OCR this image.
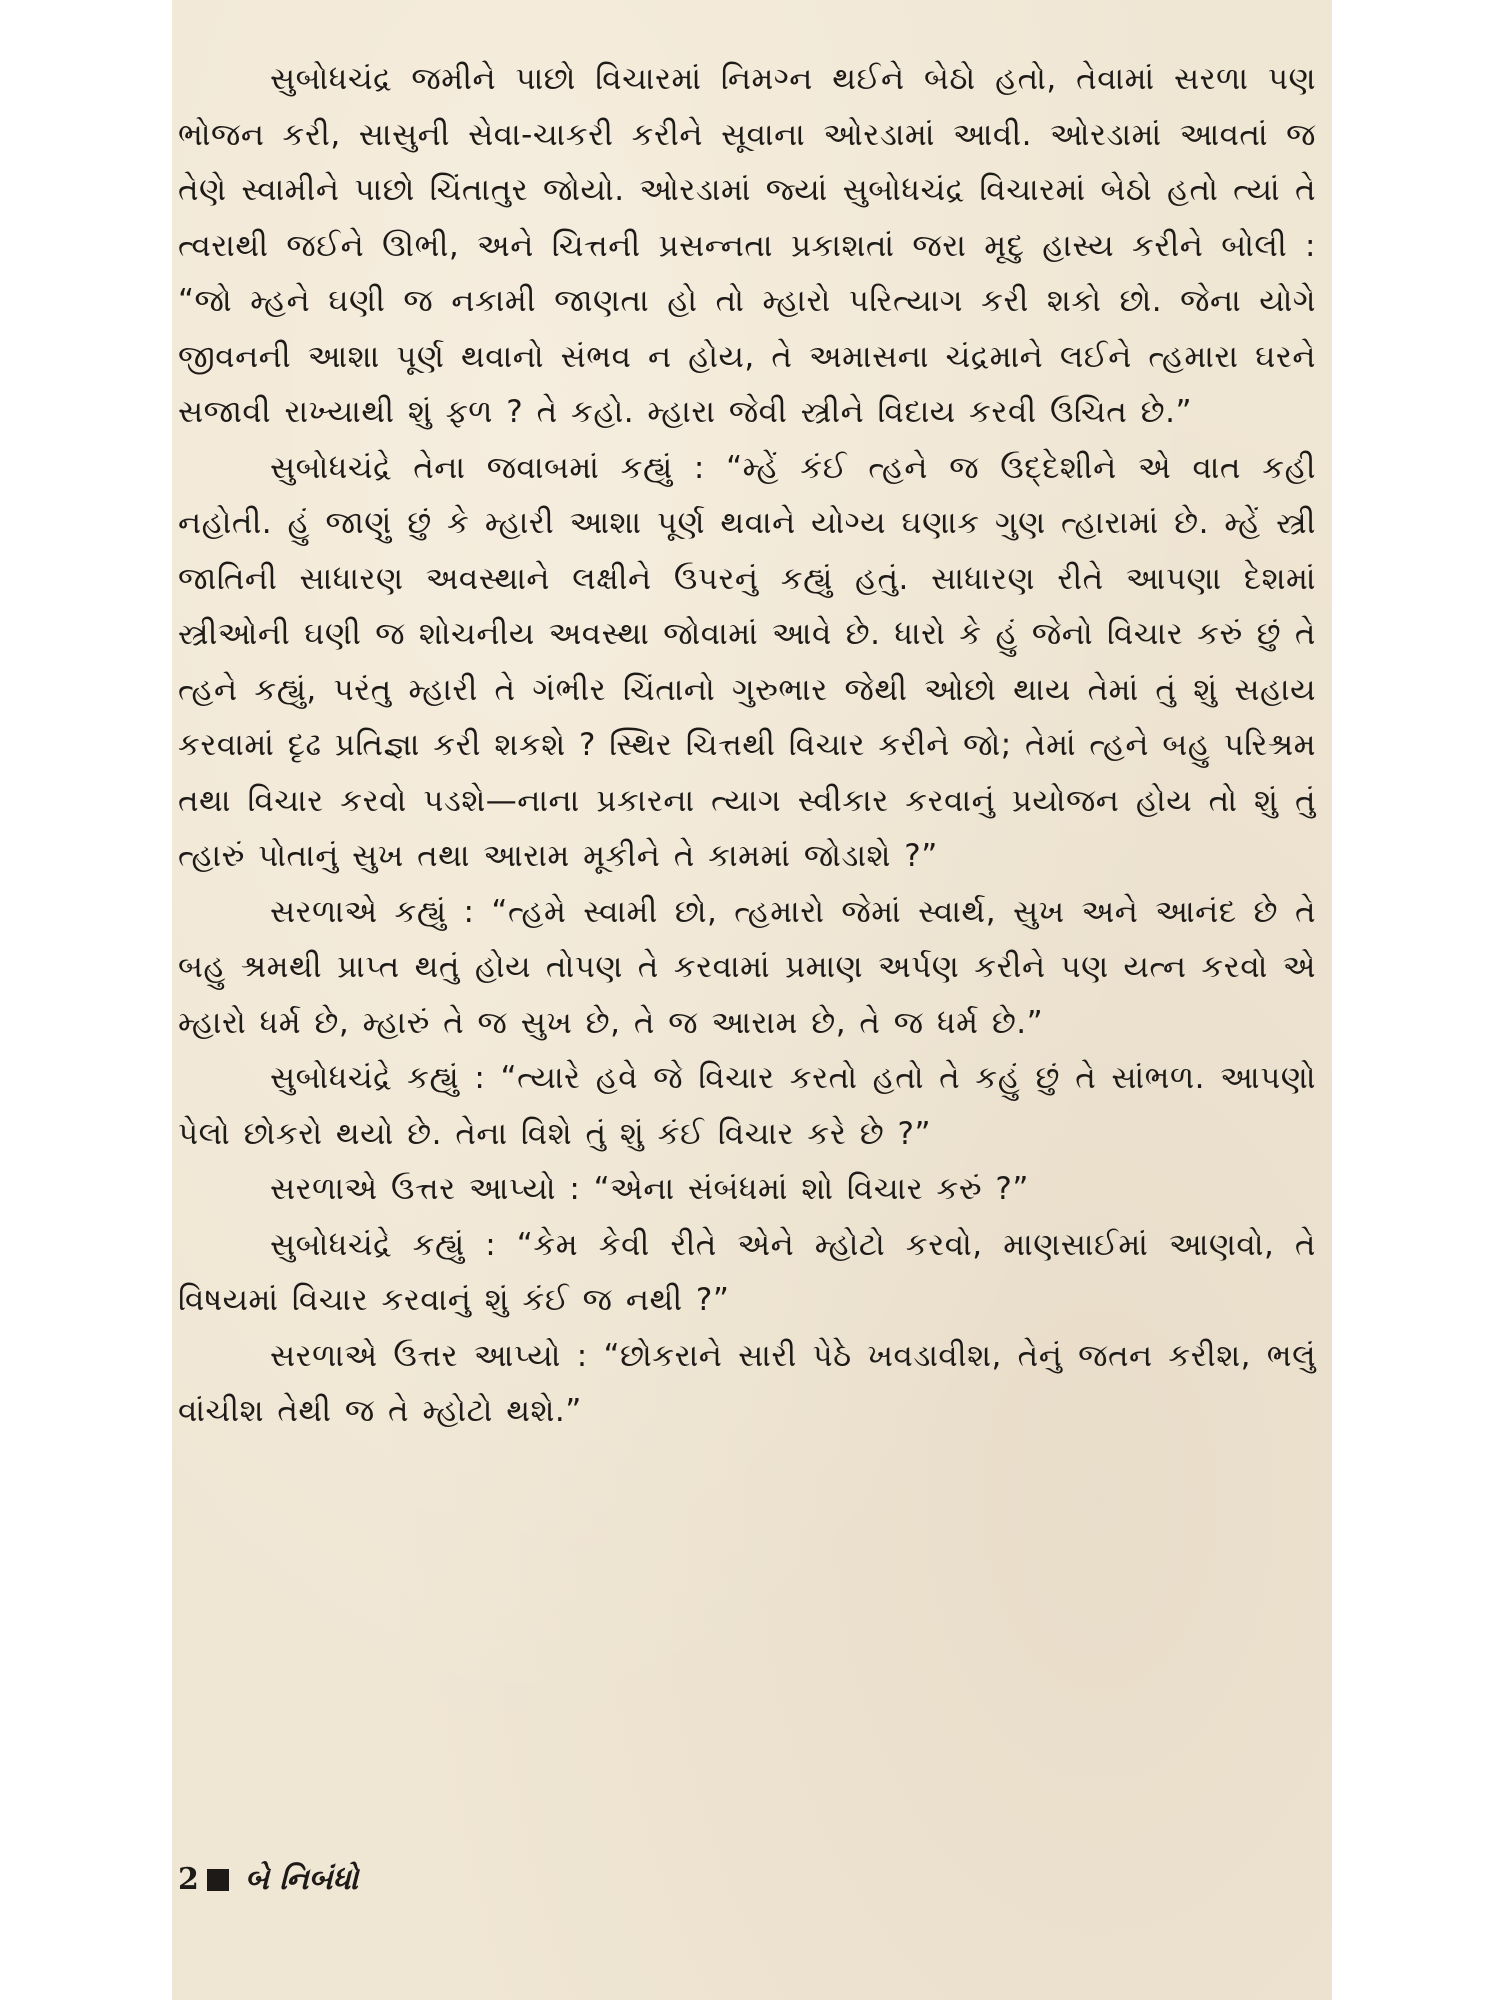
સુબોધચંદ્ર જમીને પાછો વિચારમાં નિમગ્ન થઈને બેઠો હતો, તેવામાં સરળા પણ ભોજન કરી, સાસુની સેવા-ચાકરી કરીને સૂવાના ઓરડામાં આવી. ઓરડામાં આવતાં જ તેણે સ્વામીને પાછો ચિંતાતુર જોયો. ઓરડામાં જ્યાં સુબોધચંદ્ર વિચારમાં બેઠો હતો ત્યાં તે ત્વરાથી જઈને ઊભી, અને ચિત્તની પ્રસન્નતા પ્રકાશતાં જરા મૃદુ હાસ્ય કરીને બોલી : “જો મ્હને ઘણી જ નકામી જાણતા હો તો મ્હારો પરિત્યાગ કરી શકો છો. જેના યોગે જીવનની આશા પૂર્ણ થવાનો સંભવ ન હોય, તે અમાસના ચંદ્રમાને લઈને ત્હમારા ઘરને સજાવી રાખ્યાથી શું ફળ ? તે કહો. મ્હારા જેવી સ્ત્રીને વિદાય કરવી ઉચિત છે.”

સુબોધચંદ્રે તેના જવાબમાં કહ્યું : “મ્હેં કંઈ ત્હને જ ઉદ્દેશીને એ વાત કહી નહોતી. હું જાણું છું કે મ્હારી આશા પૂર્ણ થવાને યોગ્ય ઘણાક ગુણ ત્હારામાં છે. મ્હેં સ્ત્રી જાતિની સાધારણ અવસ્થાને લક્ષીને ઉપરનું કહ્યું હતું. સાધારણ રીતે આપણા દેશમાં સ્ત્રીઓની ઘણી જ શોચનીય અવસ્થા જોવામાં આવે છે. ધારો કે હું જેનો વિચાર કરું છું તે ત્હને કહ્યું, પરંતુ મ્હારી તે ગંભીર ચિંતાનો ગુરુભાર જેથી ઓછો થાય તેમાં તું શું સહાય કરવામાં દૃઢ પ્રતિજ્ઞા કરી શકશે ? સ્થિર ચિત્તથી વિચાર કરીને જો; તેમાં ત્હને બહુ પરિશ્રમ તથા વિચાર કરવો પડશે—નાના પ્રકારના ત્યાગ સ્વીકાર કરવાનું પ્રયોજન હોય તો શું તું ત્હારું પોતાનું સુખ તથા આરામ મૂકીને તે કામમાં જોડાશે ?”

સરળાએ કહ્યું : “ત્હમે સ્વામી છો, ત્હમારો જેમાં સ્વાર્થ, સુખ અને આનંદ છે તે બહુ શ્રમથી પ્રાપ્ત થતું હોય તોપણ તે કરવામાં પ્રમાણ અર્પણ કરીને પણ યત્ન કરવો એ મ્હારો ધર્મ છે, મ્હારું તે જ સુખ છે, તે જ આરામ છે, તે જ ધર્મ છે.”

સુબોધચંદ્રે કહ્યું : “ત્યારે હવે જે વિચાર કરતો હતો તે કહું છું તે સાંભળ. આપણો પેલો છોકરો થયો છે. તેના વિશે તું શું કંઈ વિચાર કરે છે ?”

સરળાએ ઉત્તર આપ્યો : “એના સંબંધમાં શો વિચાર કરું ?”

સુબોધચંદ્રે કહ્યું : “કેમ કેવી રીતે એને મ્હોટો કરવો, માણસાઈમાં આણવો, તે વિષયમાં વિચાર કરવાનું શું કંઈ જ નથી ?”

સરળાએ ઉત્તર આપ્યો : “છોકરાને સારી પેઠે ખવડાવીશ, તેનું જતન કરીશ, ભલું વાંચીશ તેથી જ તે મ્હોટો થશે.”

2 બે નિબંધો
